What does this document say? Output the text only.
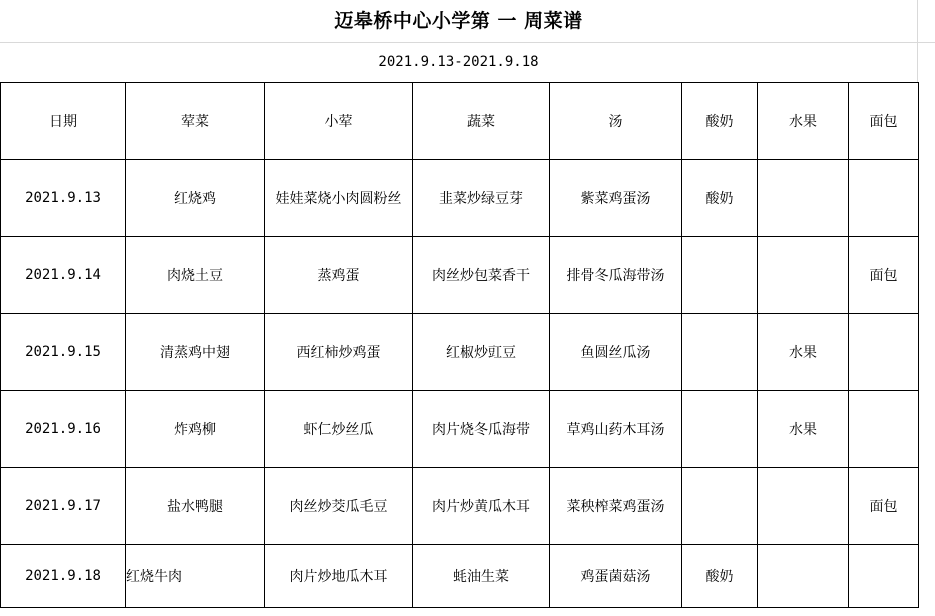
迈皋桥中心小学第 一 周菜谱
2021.9.13-2021.9.18
日期	荤菜	小荤	蔬菜	汤	酸奶	水果	面包
2021.9.13	红烧鸡	娃娃菜烧小肉圆粉丝	韭菜炒绿豆芽	紫菜鸡蛋汤	酸奶		
2021.9.14	肉烧土豆	蒸鸡蛋	肉丝炒包菜香干	排骨冬瓜海带汤			面包
2021.9.15	清蒸鸡中翅	西红柿炒鸡蛋	红椒炒豇豆	鱼圆丝瓜汤		水果	
2021.9.16	炸鸡柳	虾仁炒丝瓜	肉片烧冬瓜海带	草鸡山药木耳汤		水果	
2021.9.17	盐水鸭腿	肉丝炒茭瓜毛豆	肉片炒黄瓜木耳	菜秧榨菜鸡蛋汤			面包
2021.9.18	红烧牛肉	肉片炒地瓜木耳	蚝油生菜	鸡蛋菌菇汤	酸奶		
